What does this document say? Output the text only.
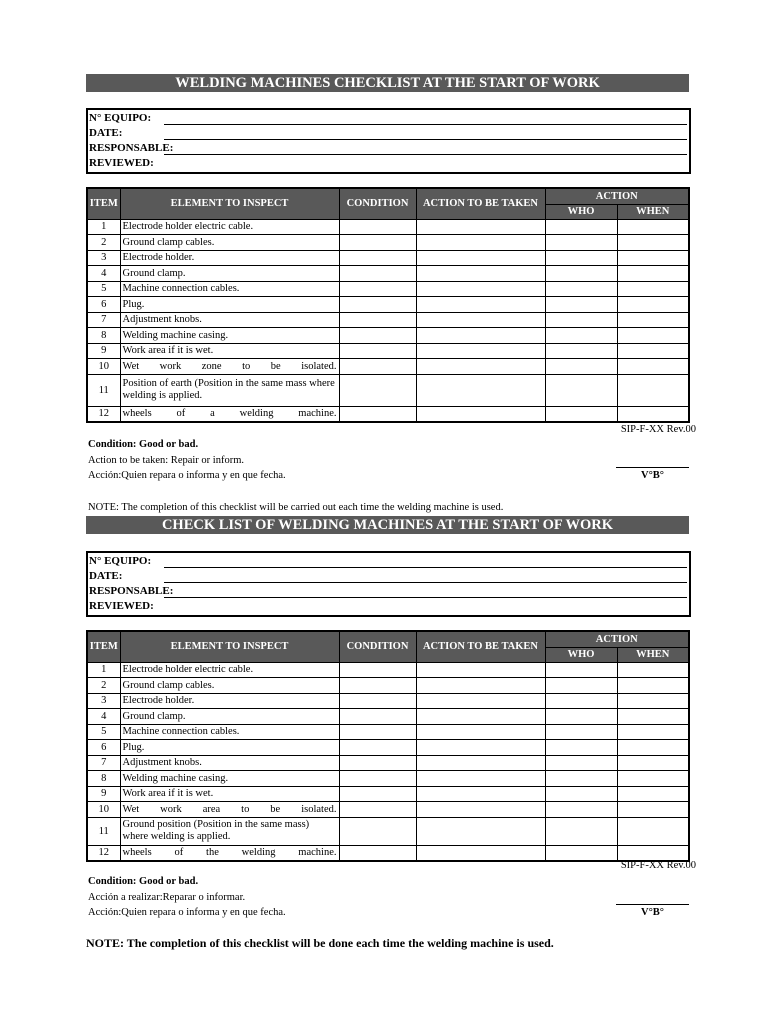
WELDING MACHINES CHECKLIST AT THE START OF WORK
N° EQUIPO:
DATE:
RESPONSABLE:
REVIEWED:
ITEM	ELEMENT TO INSPECT	CONDITION	ACTION TO BE TAKEN	ACTION	
				WHO	WHEN
1	Electrode holder electric cable.				
2	Ground clamp cables.				
3	Electrode holder.				
4	Ground clamp.				
5	Machine connection cables.				
6	Plug.				
7	Adjustment knobs.				
8	Welding machine casing.				
9	Work area if it is wet.				
10	Wet work zone to be isolated.				
11	Position of earth (Position in the same mass where welding is applied.				
12	wheels of a welding machine.				
SIP-F-XX Rev.00
Condition: Good or bad.
Action to be taken: Repair or inform.
Acción:Quien repara o informa y en que fecha.	V°B°
NOTE: The completion of this checklist will be carried out each time the welding machine is used.
CHECK LIST OF WELDING MACHINES AT THE START OF WORK
N° EQUIPO:
DATE:
RESPONSABLE:
REVIEWED:
ITEM	ELEMENT TO INSPECT	CONDITION	ACTION TO BE TAKEN	ACTION	
				WHO	WHEN
1	Electrode holder electric cable.				
2	Ground clamp cables.				
3	Electrode holder.				
4	Ground clamp.				
5	Machine connection cables.				
6	Plug.				
7	Adjustment knobs.				
8	Welding machine casing.				
9	Work area if it is wet.				
10	Wet work area to be isolated.				
11	Ground position (Position in the same mass) where welding is applied.				
12	wheels of the welding machine.				
SIP-F-XX Rev.00
Condition: Good or bad.
Acción a realizar:Reparar o informar.
Acción:Quien repara o informa y en que fecha.	V°B°
NOTE: The completion of this checklist will be done each time the welding machine is used.
